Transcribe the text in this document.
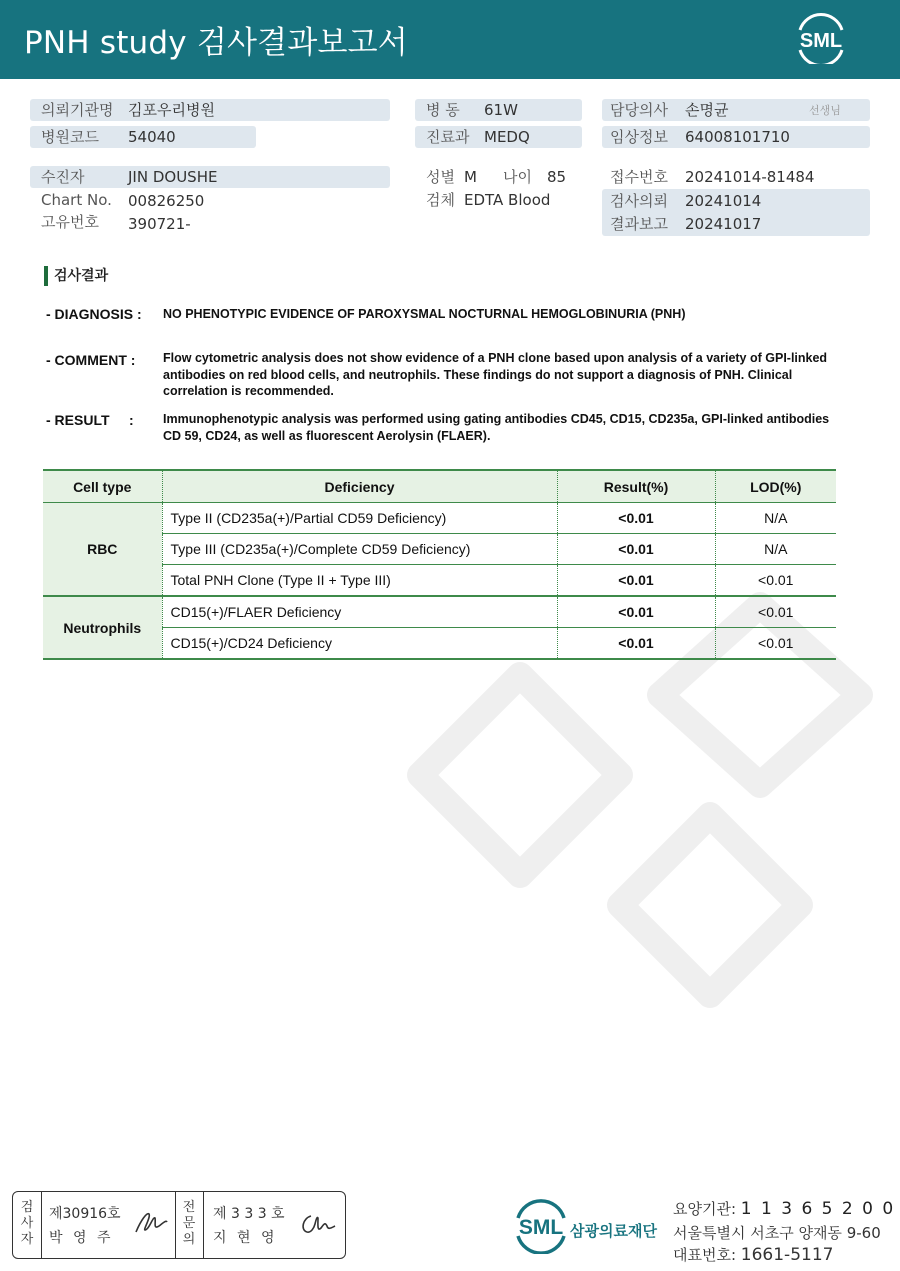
PNH study 검사결과보고서	SML
의뢰기관명 김포우리병원
병원코드 54040
병 동 61W
진료과 MEDQ
담당의사 손명균	선생님
임상정보 64008101710
수진자	JIN DOUSHE
Chart No. 00826250
고유번호 390721-
성별 M 나이 85
검체 EDTA Blood
접수번호 20241014-81484
검사의뢰 20241014
결과보고 20241017
검사결과
- DIAGNOSIS : NO PHENOTYPIC EVIDENCE OF PAROXYSMAL NOCTURNAL HEMOGLOBINURIA (PNH)
- COMMENT : Flow cytometric analysis does not show evidence of a PNH clone based upon analysis of a variety of GPI-linked antibodies on red blood cells, and neutrophils. These findings do not support a diagnosis of PNH. Clinical correlation is recommended.
- RESULT     : Immunophenotypic analysis was performed using gating antibodies CD45, CD15, CD235a, GPI-linked antibodies CD 59, CD24, as well as fluorescent Aerolysin (FLAER).
Cell type	Deficiency	Result(%)	LOD(%)
RBC	Type II (CD235a(+)/Partial CD59 Deficiency)	<0.01	N/A
	Type III (CD235a(+)/Complete CD59 Deficiency)	<0.01	N/A
	Total PNH Clone (Type II + Type III)	<0.01	<0.01
Neutrophils	CD15(+)/FLAER Deficiency	<0.01	<0.01
	CD15(+)/CD24 Deficiency	<0.01	<0.01
검사자
제30916호
박 영 주
전문의
제 3 3 3 호
지 현 영	SML 삼광의료재단
요양기관: 1 1 3 6 5 2 0 0
서울특별시 서초구 양재동 9-60
대표번호: 1661-5117
